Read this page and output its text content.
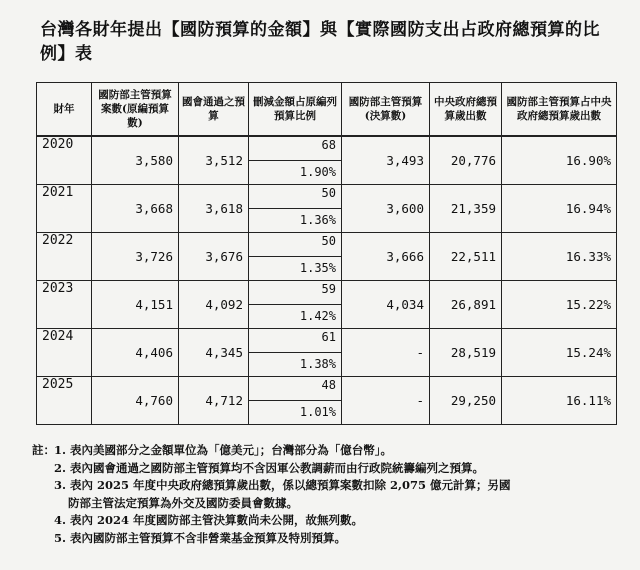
台灣各財年提出【國防預算的金額】與【實際國防支出占政府總預算的比例】表
財年	國防部主管預算案數(原編預算數)	國會通過之預算	刪減金額占原編列預算比例	國防部主管預算(決算數)	中央政府總預算歲出數	國防部主管預算占中央政府總預算歲出數
2020	3,580	3,512	68	3,493	20,776	16.90%
			1.90%			
2021	3,668	3,618	50	3,600	21,359	16.94%
			1.36%			
2022	3,726	3,676	50	3,666	22,511	16.33%
			1.35%			
2023	4,151	4,092	59	4,034	26,891	15.22%
			1.42%			
2024	4,406	4,345	61	-	28,519	15.24%
			1.38%			
2025	4,760	4,712	48	-	29,250	16.11%
			1.01%			
註： 1. 表內美國部分之金額單位為「億美元」；台灣部分為「億台幣」。
2. 表內國會通過之國防部主管預算均不含因軍公教調薪而由行政院統籌編列之預算。
3. 表內 2025 年度中央政府總預算歲出數，係以總預算案數扣除 2,075 億元計算；另國
防部主管法定預算為外交及國防委員會數據。
4. 表內 2024 年度國防部主管決算數尚未公開，故無列數。
5. 表內國防部主管預算不含非營業基金預算及特別預算。
